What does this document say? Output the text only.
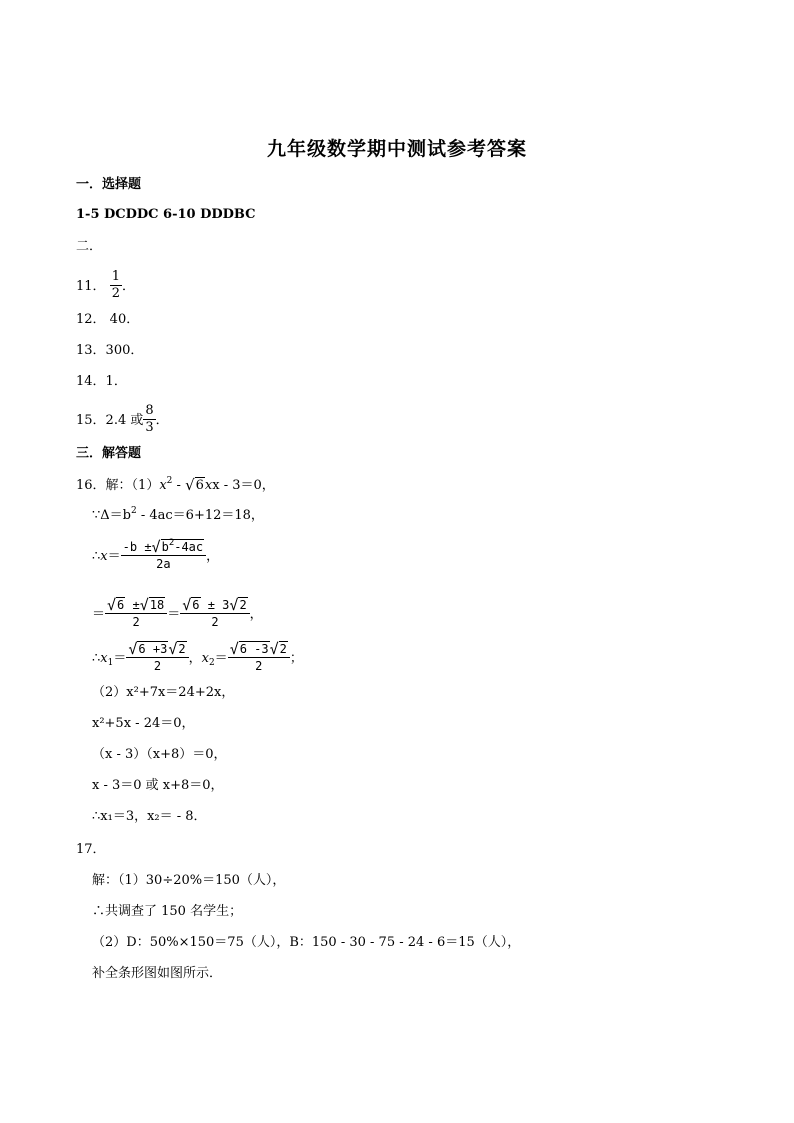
九年级数学期中测试参考答案
一．选择题
1-5 DCDDC 6-10 DDDBC
二．
11． $\frac{1}{2}$ ．
12． 40．
13．300．
14．1．
15．2.4 或 $\frac{8}{3}$ ．
三．解答题
16．解：$(1)x^2 - √6xx - 3=0$，
$\because\Delta=b^2 - 4ac=6+12=18$，
∴x＝ $\frac{-b \pm√b^2-4ac}{2a}$ ，
＝ $\frac{√6 \pm√18}{2} = \frac{√6 \pm 3√2}{2}$ ，
$\therefore x_1= \frac{√6 +3√2}{2}$ ，$x_2= \frac{√6 -3√2}{2}$ ；
（2）x²+7x＝24+2x，
x²+5x - 24＝0，
（x - 3）（x+8）＝0，
x - 3＝0 或 x+8＝0，
∴x₁＝3，x₂＝ - 8．
17．
解：（1）30÷20%＝150（人），
∴共调查了 150 名学生；
（2）D：50%×150＝75（人），B：150 - 30 - 75 - 24 - 6＝15（人），
补全条形图如图所示．
